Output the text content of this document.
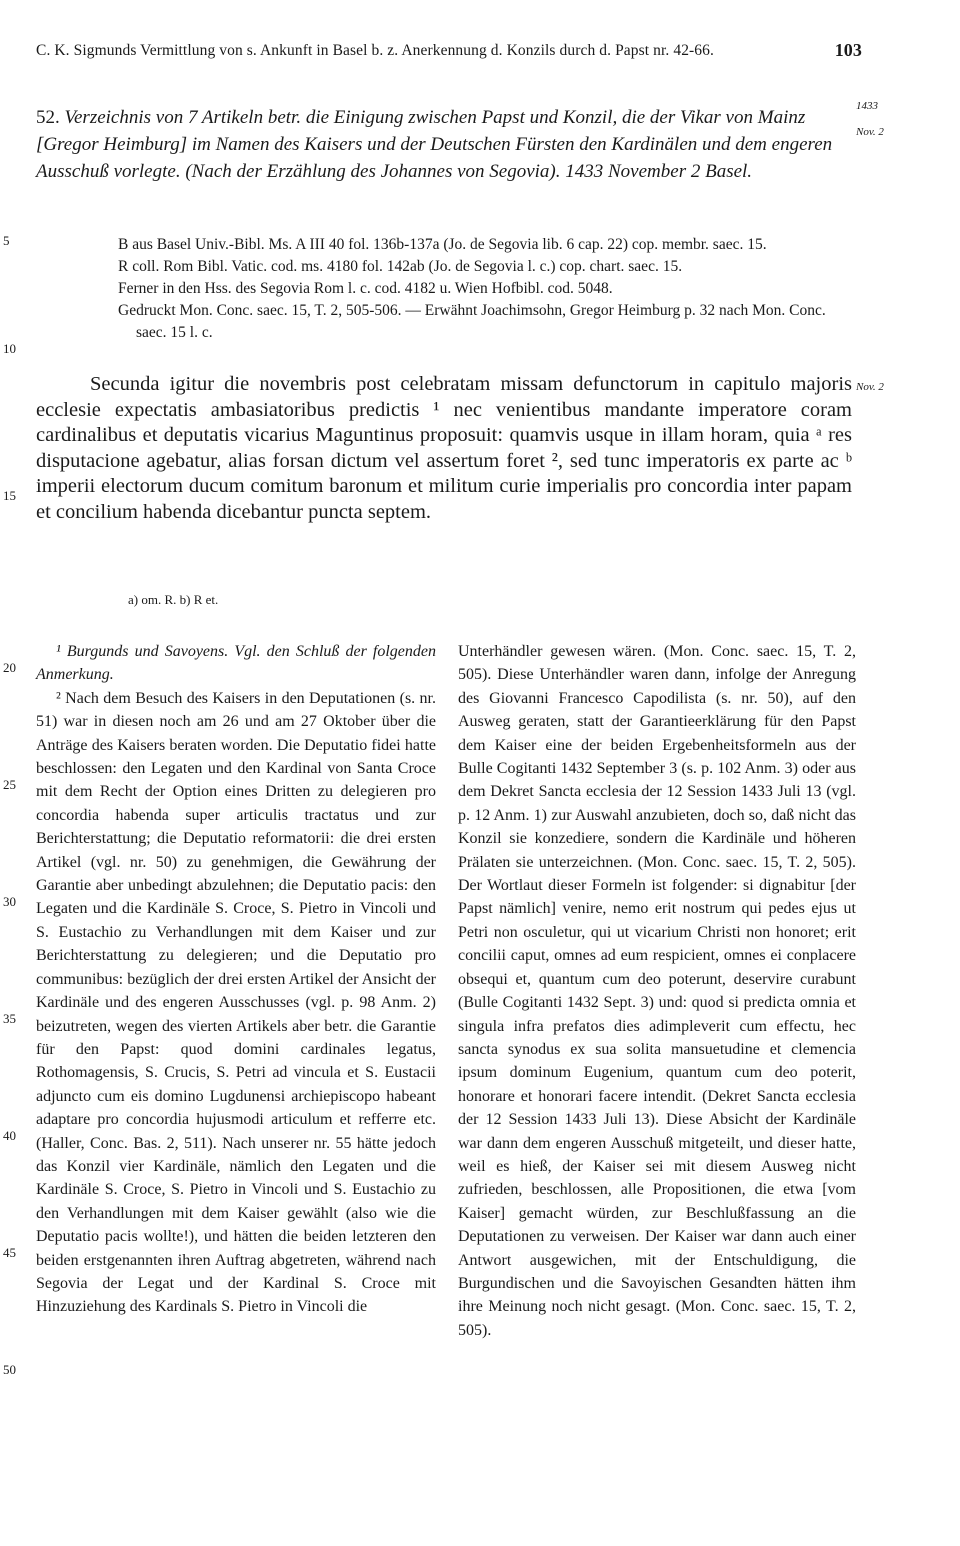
C. K. Sigmunds Vermittlung von s. Ankunft in Basel b. z. Anerkennung d. Konzils durch d. Papst nr. 42-66.	103
1433
Nov. 2
Nov. 2
5
10
15
20
25
30
35
40
45
50
52. Verzeichnis von 7 Artikeln betr. die Einigung zwischen Papst und Konzil, die der Vikar von Mainz [Gregor Heimburg] im Namen des Kaisers und der Deutschen Fürsten den Kardinälen und dem engeren Ausschuß vorlegte. (Nach der Erzählung des Johannes von Segovia). 1433 November 2 Basel.

B aus Basel Univ.-Bibl. Ms. A III 40 fol. 136b-137a (Jo. de Segovia lib. 6 cap. 22) cop. membr. saec. 15.

R coll. Rom Bibl. Vatic. cod. ms. 4180 fol. 142ab (Jo. de Segovia l. c.) cop. chart. saec. 15.

Ferner in den Hss. des Segovia Rom l. c. cod. 4182 u. Wien Hofbibl. cod. 5048.

Gedruckt Mon. Conc. saec. 15, T. 2, 505-506. — Erwähnt Joachimsohn, Gregor Heimburg p. 32 nach Mon. Conc. saec. 15 l. c.

Secunda igitur die novembris post celebratam missam defunctorum in capitulo majoris ecclesie expectatis ambasiatoribus predictis ¹ nec venientibus mandante imperatore coram cardinalibus et deputatis vicarius Maguntinus proposuit: quamvis usque in illam horam, quia ᵃ res disputacione agebatur, alias forsan dictum vel assertum foret ², sed tunc imperatoris ex parte ac ᵇ imperii electorum ducum comitum baronum et militum curie imperialis pro concordia inter papam et concilium habenda dicebantur puncta septem.

a) om. R. b) R et.

¹ Burgunds und Savoyens. Vgl. den Schluß der folgenden Anmerkung.

² Nach dem Besuch des Kaisers in den Deputationen (s. nr. 51) war in diesen noch am 26 und am 27 Oktober über die Anträge des Kaisers beraten worden. Die Deputatio fidei hatte beschlossen: den Legaten und den Kardinal von Santa Croce mit dem Recht der Option eines Dritten zu delegieren pro concordia habenda super articulis tractatus und zur Berichterstattung; die Deputatio reformatorii: die drei ersten Artikel (vgl. nr. 50) zu genehmigen, die Gewährung der Garantie aber unbedingt abzulehnen; die Deputatio pacis: den Legaten und die Kardinäle S. Croce, S. Pietro in Vincoli und S. Eustachio zu Verhandlungen mit dem Kaiser und zur Berichterstattung zu delegieren; und die Deputatio pro communibus: bezüglich der drei ersten Artikel der Ansicht der Kardinäle und des engeren Ausschusses (vgl. p. 98 Anm. 2) beizutreten, wegen des vierten Artikels aber betr. die Garantie für den Papst: quod domini cardinales legatus, Rothomagensis, S. Crucis, S. Petri ad vincula et S. Eustacii adjuncto cum eis domino Lugdunensi archiepiscopo habeant adaptare pro concordia hujusmodi articulum et refferre etc. (Haller, Conc. Bas. 2, 511). Nach unserer nr. 55 hätte jedoch das Konzil vier Kardinäle, nämlich den Legaten und die Kardinäle S. Croce, S. Pietro in Vincoli und S. Eustachio zu den Verhandlungen mit dem Kaiser gewählt (also wie die Deputatio pacis wollte!), und hätten die beiden letzteren den beiden erstgenannten ihren Auftrag abgetreten, während nach Segovia der Legat und der Kardinal S. Croce mit Hinzuziehung des Kardinals S. Pietro in Vincoli die

Unterhändler gewesen wären. (Mon. Conc. saec. 15, T. 2, 505). Diese Unterhändler waren dann, infolge der Anregung des Giovanni Francesco Capodilista (s. nr. 50), auf den Ausweg geraten, statt der Garantieerklärung für den Papst dem Kaiser eine der beiden Ergebenheitsformeln aus der Bulle Cogitanti 1432 September 3 (s. p. 102 Anm. 3) oder aus dem Dekret Sancta ecclesia der 12 Session 1433 Juli 13 (vgl. p. 12 Anm. 1) zur Auswahl anzubieten, doch so, daß nicht das Konzil sie konzediere, sondern die Kardinäle und höheren Prälaten sie unterzeichnen. (Mon. Conc. saec. 15, T. 2, 505). Der Wortlaut dieser Formeln ist folgender: si dignabitur [der Papst nämlich] venire, nemo erit nostrum qui pedes ejus ut Petri non osculetur, qui ut vicarium Christi non honoret; erit concilii caput, omnes ad eum respicient, omnes ei conplacere obsequi et, quantum cum deo poterunt, deservire curabunt (Bulle Cogitanti 1432 Sept. 3) und: quod si predicta omnia et singula infra prefatos dies adimpleverit cum effectu, hec sancta synodus ex sua solita mansuetudine et clemencia ipsum dominum Eugenium, quantum cum deo poterit, honorare et honorari facere intendit. (Dekret Sancta ecclesia der 12 Session 1433 Juli 13). Diese Absicht der Kardinäle war dann dem engeren Ausschuß mitgeteilt, und dieser hatte, weil es hieß, der Kaiser sei mit diesem Ausweg nicht zufrieden, beschlossen, alle Propositionen, die etwa [vom Kaiser] gemacht würden, zur Beschlußfassung an die Deputationen zu verweisen. Der Kaiser war dann auch einer Antwort ausgewichen, mit der Entschuldigung, die Burgundischen und die Savoyischen Gesandten hätten ihm ihre Meinung noch nicht gesagt. (Mon. Conc. saec. 15, T. 2, 505).
